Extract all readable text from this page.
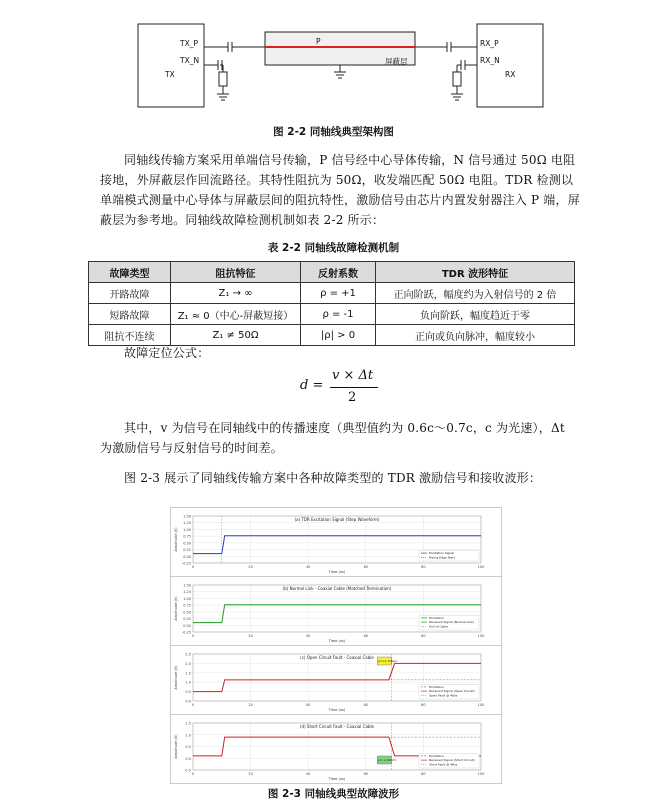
TX_P
TX_N
TX
P
屏蔽层
RX_P
RX_N
RX
图 2-2 同轴线典型架构图
同轴线传输方案采用单端信号传输，P 信号经中心导体传输，N 信号通过 50Ω 电阻接地，外屏蔽层作回流路径。其特性阻抗为 50Ω，收发端匹配 50Ω 电阻。TDR 检测以单端模式测量中心导体与屏蔽层间的阻抗特性，激励信号由芯片内置发射器注入 P 端，屏蔽层为参考地。同轴线故障检测机制如表 2-2 所示：
表 2-2 同轴线故障检测机制
故障类型	阻抗特征	反射系数	TDR 波形特征
开路故障	Z₁ → ∞	ρ = +1	正向阶跃，幅度约为入射信号的 2 倍
短路故障	Z₁ ≈ 0（中心-屏蔽短接）	ρ = -1	负向阶跃，幅度趋近于零
阻抗不连续	Z₁ ≠ 50Ω	|ρ| > 0	正向或负向脉冲，幅度较小
故障定位公式：
d =
v × Δt
2
其中，v 为信号在同轴线中的传播速度（典型值约为 0.6c～0.7c，c 为光速），Δt 为激励信号与反射信号的时间差。
图 2-3 展示了同轴线传输方案中各种故障类型的 TDR 激励信号和接收波形：
1.50
1.25
1.00
0.75
0.50
0.25
0.00
-0.25
0	20	40	60	80	100
(a) TDR Excitation Signal (Step Waveform)
Time (ns)
Amplitude (V)
Excitation Signal
Rising Edge Start
1.50
1.25
1.00
0.75
0.50
0.25
0.00
-0.25
0	20	40	60	80	100
(b) Normal Link - Coaxial Cable (Matched Termination)
Time (ns)
Amplitude (V)	Excitation
Received Signal (Normal Link)
End of Cable
2.5
2.0
1.5
1.0
0.5
0.0
0	20	40	60	80	100
(c) Open Circuit Fault - Coaxial Cable
Time (ns)
Amplitude (V)
ρ=+1 (Open)
Excitation
Received Signal (Open Circuit)
Open Fault @ 48ns
1.5
1.0
0.5
0.0
-0.5
0	20	40	60	80	100
(d) Short Circuit Fault - Coaxial Cable
Time (ns)
Amplitude (V)
ρ=-1 (Short)
Excitation
Received Signal (Short Circuit)
Short Fault @ 48ns
图 2-3 同轴线典型故障波形
